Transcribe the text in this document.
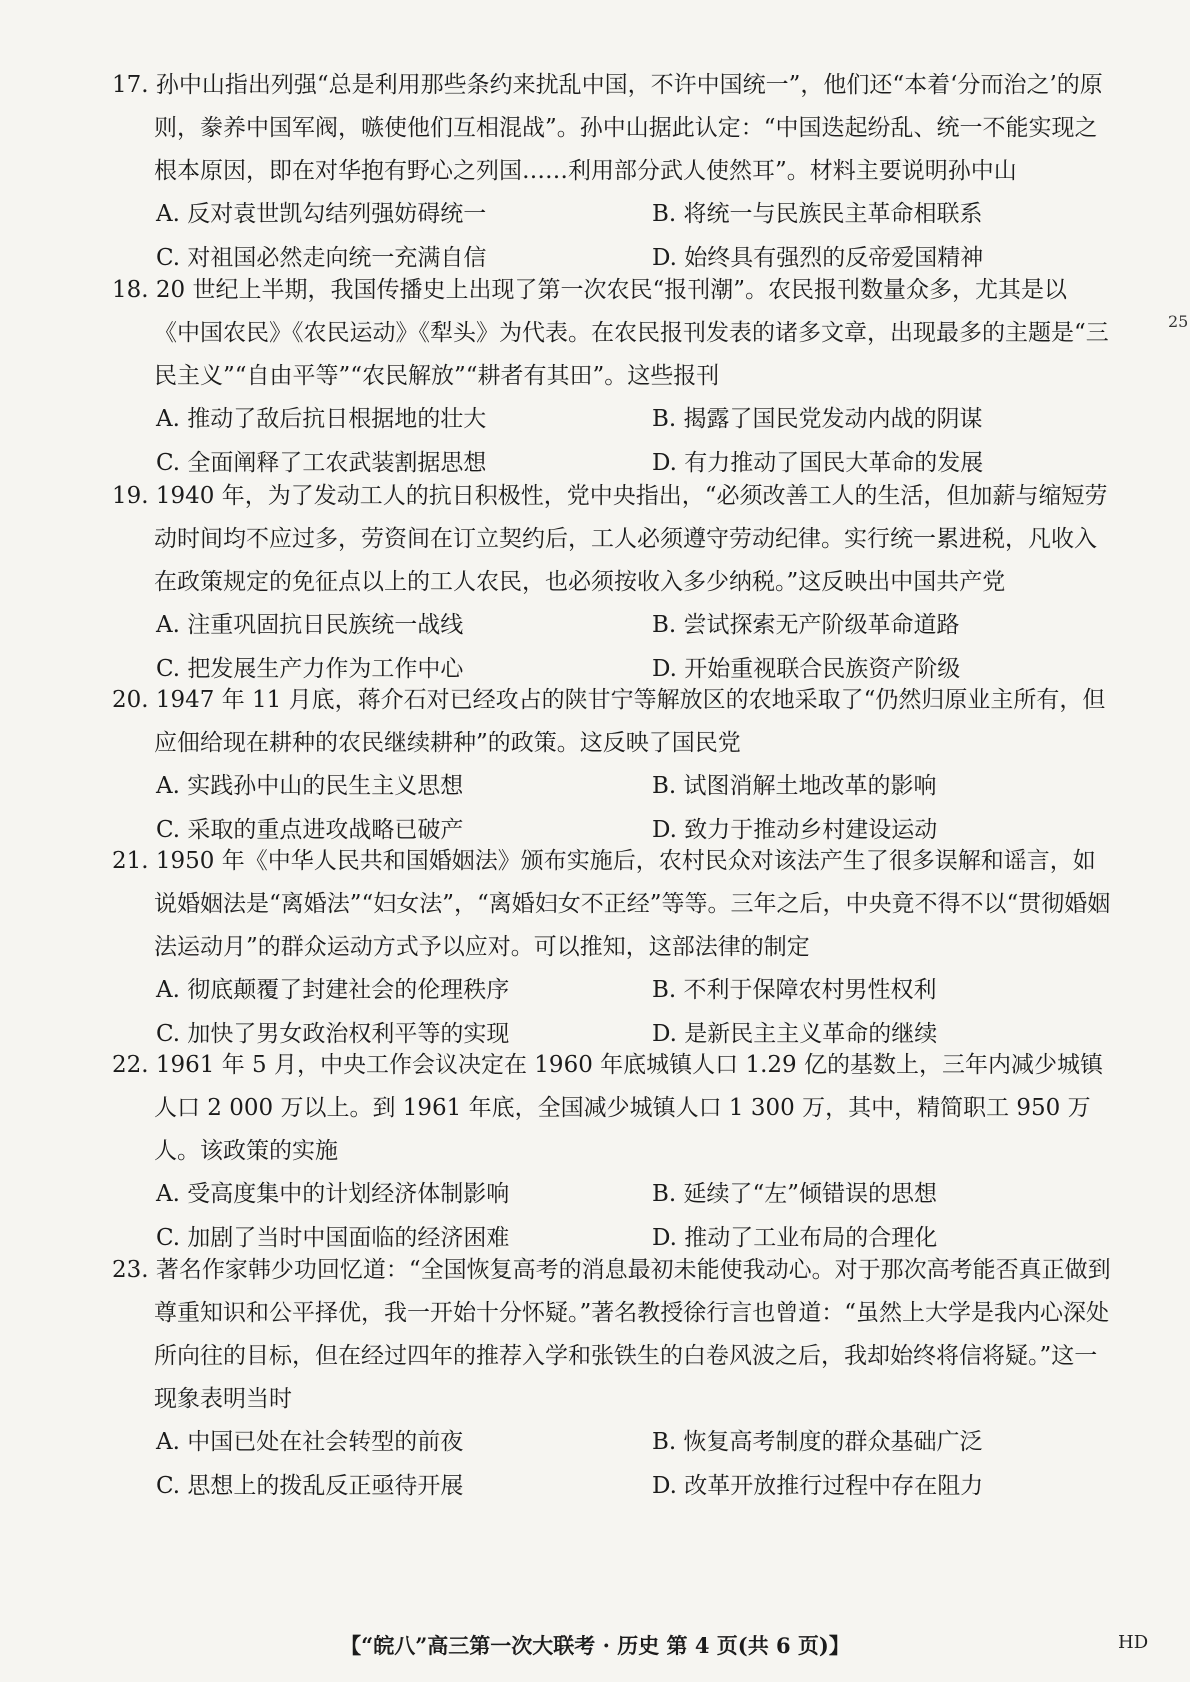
25
17. 孙中山指出列强“总是利用那些条约来扰乱中国，不许中国统一”，他们还“本着‘分而治之’的原则，豢养中国军阀，嗾使他们互相混战”。孙中山据此认定：“中国迭起纷乱、统一不能实现之根本原因，即在对华抱有野心之列国……利用部分武人使然耳”。材料主要说明孙中山
A. 反对袁世凯勾结列强妨碍统一	B. 将统一与民族民主革命相联系
C. 对祖国必然走向统一充满自信	D. 始终具有强烈的反帝爱国精神
18. 20 世纪上半期，我国传播史上出现了第一次农民“报刊潮”。农民报刊数量众多，尤其是以《中国农民》《农民运动》《犁头》为代表。在农民报刊发表的诸多文章，出现最多的主题是“三民主义”“自由平等”“农民解放”“耕者有其田”。这些报刊
A. 推动了敌后抗日根据地的壮大	B. 揭露了国民党发动内战的阴谋
C. 全面阐释了工农武装割据思想	D. 有力推动了国民大革命的发展
19. 1940 年，为了发动工人的抗日积极性，党中央指出，“必须改善工人的生活，但加薪与缩短劳动时间均不应过多，劳资间在订立契约后，工人必须遵守劳动纪律。实行统一累进税，凡收入在政策规定的免征点以上的工人农民，也必须按收入多少纳税。”这反映出中国共产党
A. 注重巩固抗日民族统一战线	B. 尝试探索无产阶级革命道路
C. 把发展生产力作为工作中心	D. 开始重视联合民族资产阶级
20. 1947 年 11 月底，蒋介石对已经攻占的陕甘宁等解放区的农地采取了“仍然归原业主所有，但应佃给现在耕种的农民继续耕种”的政策。这反映了国民党
A. 实践孙中山的民生主义思想	B. 试图消解土地改革的影响
C. 采取的重点进攻战略已破产	D. 致力于推动乡村建设运动
21. 1950 年《中华人民共和国婚姻法》颁布实施后，农村民众对该法产生了很多误解和谣言，如说婚姻法是“离婚法”“妇女法”，“离婚妇女不正经”等等。三年之后，中央竟不得不以“贯彻婚姻法运动月”的群众运动方式予以应对。可以推知，这部法律的制定
A. 彻底颠覆了封建社会的伦理秩序	B. 不利于保障农村男性权利
C. 加快了男女政治权利平等的实现	D. 是新民主主义革命的继续
22. 1961 年 5 月，中央工作会议决定在 1960 年底城镇人口 1.29 亿的基数上，三年内减少城镇人口 2 000 万以上。到 1961 年底，全国减少城镇人口 1 300 万，其中，精简职工 950 万人。该政策的实施
A. 受高度集中的计划经济体制影响	B. 延续了“左”倾错误的思想
C. 加剧了当时中国面临的经济困难	D. 推动了工业布局的合理化
23. 著名作家韩少功回忆道：“全国恢复高考的消息最初未能使我动心。对于那次高考能否真正做到尊重知识和公平择优，我一开始十分怀疑。”著名教授徐行言也曾道：“虽然上大学是我内心深处所向往的目标，但在经过四年的推荐入学和张铁生的白卷风波之后，我却始终将信将疑。”这一现象表明当时
A. 中国已处在社会转型的前夜	B. 恢复高考制度的群众基础广泛
C. 思想上的拨乱反正亟待开展	D. 改革开放推行过程中存在阻力
【“皖八”高三第一次大联考 · 历史 第 4 页(共 6 页)】	HD
